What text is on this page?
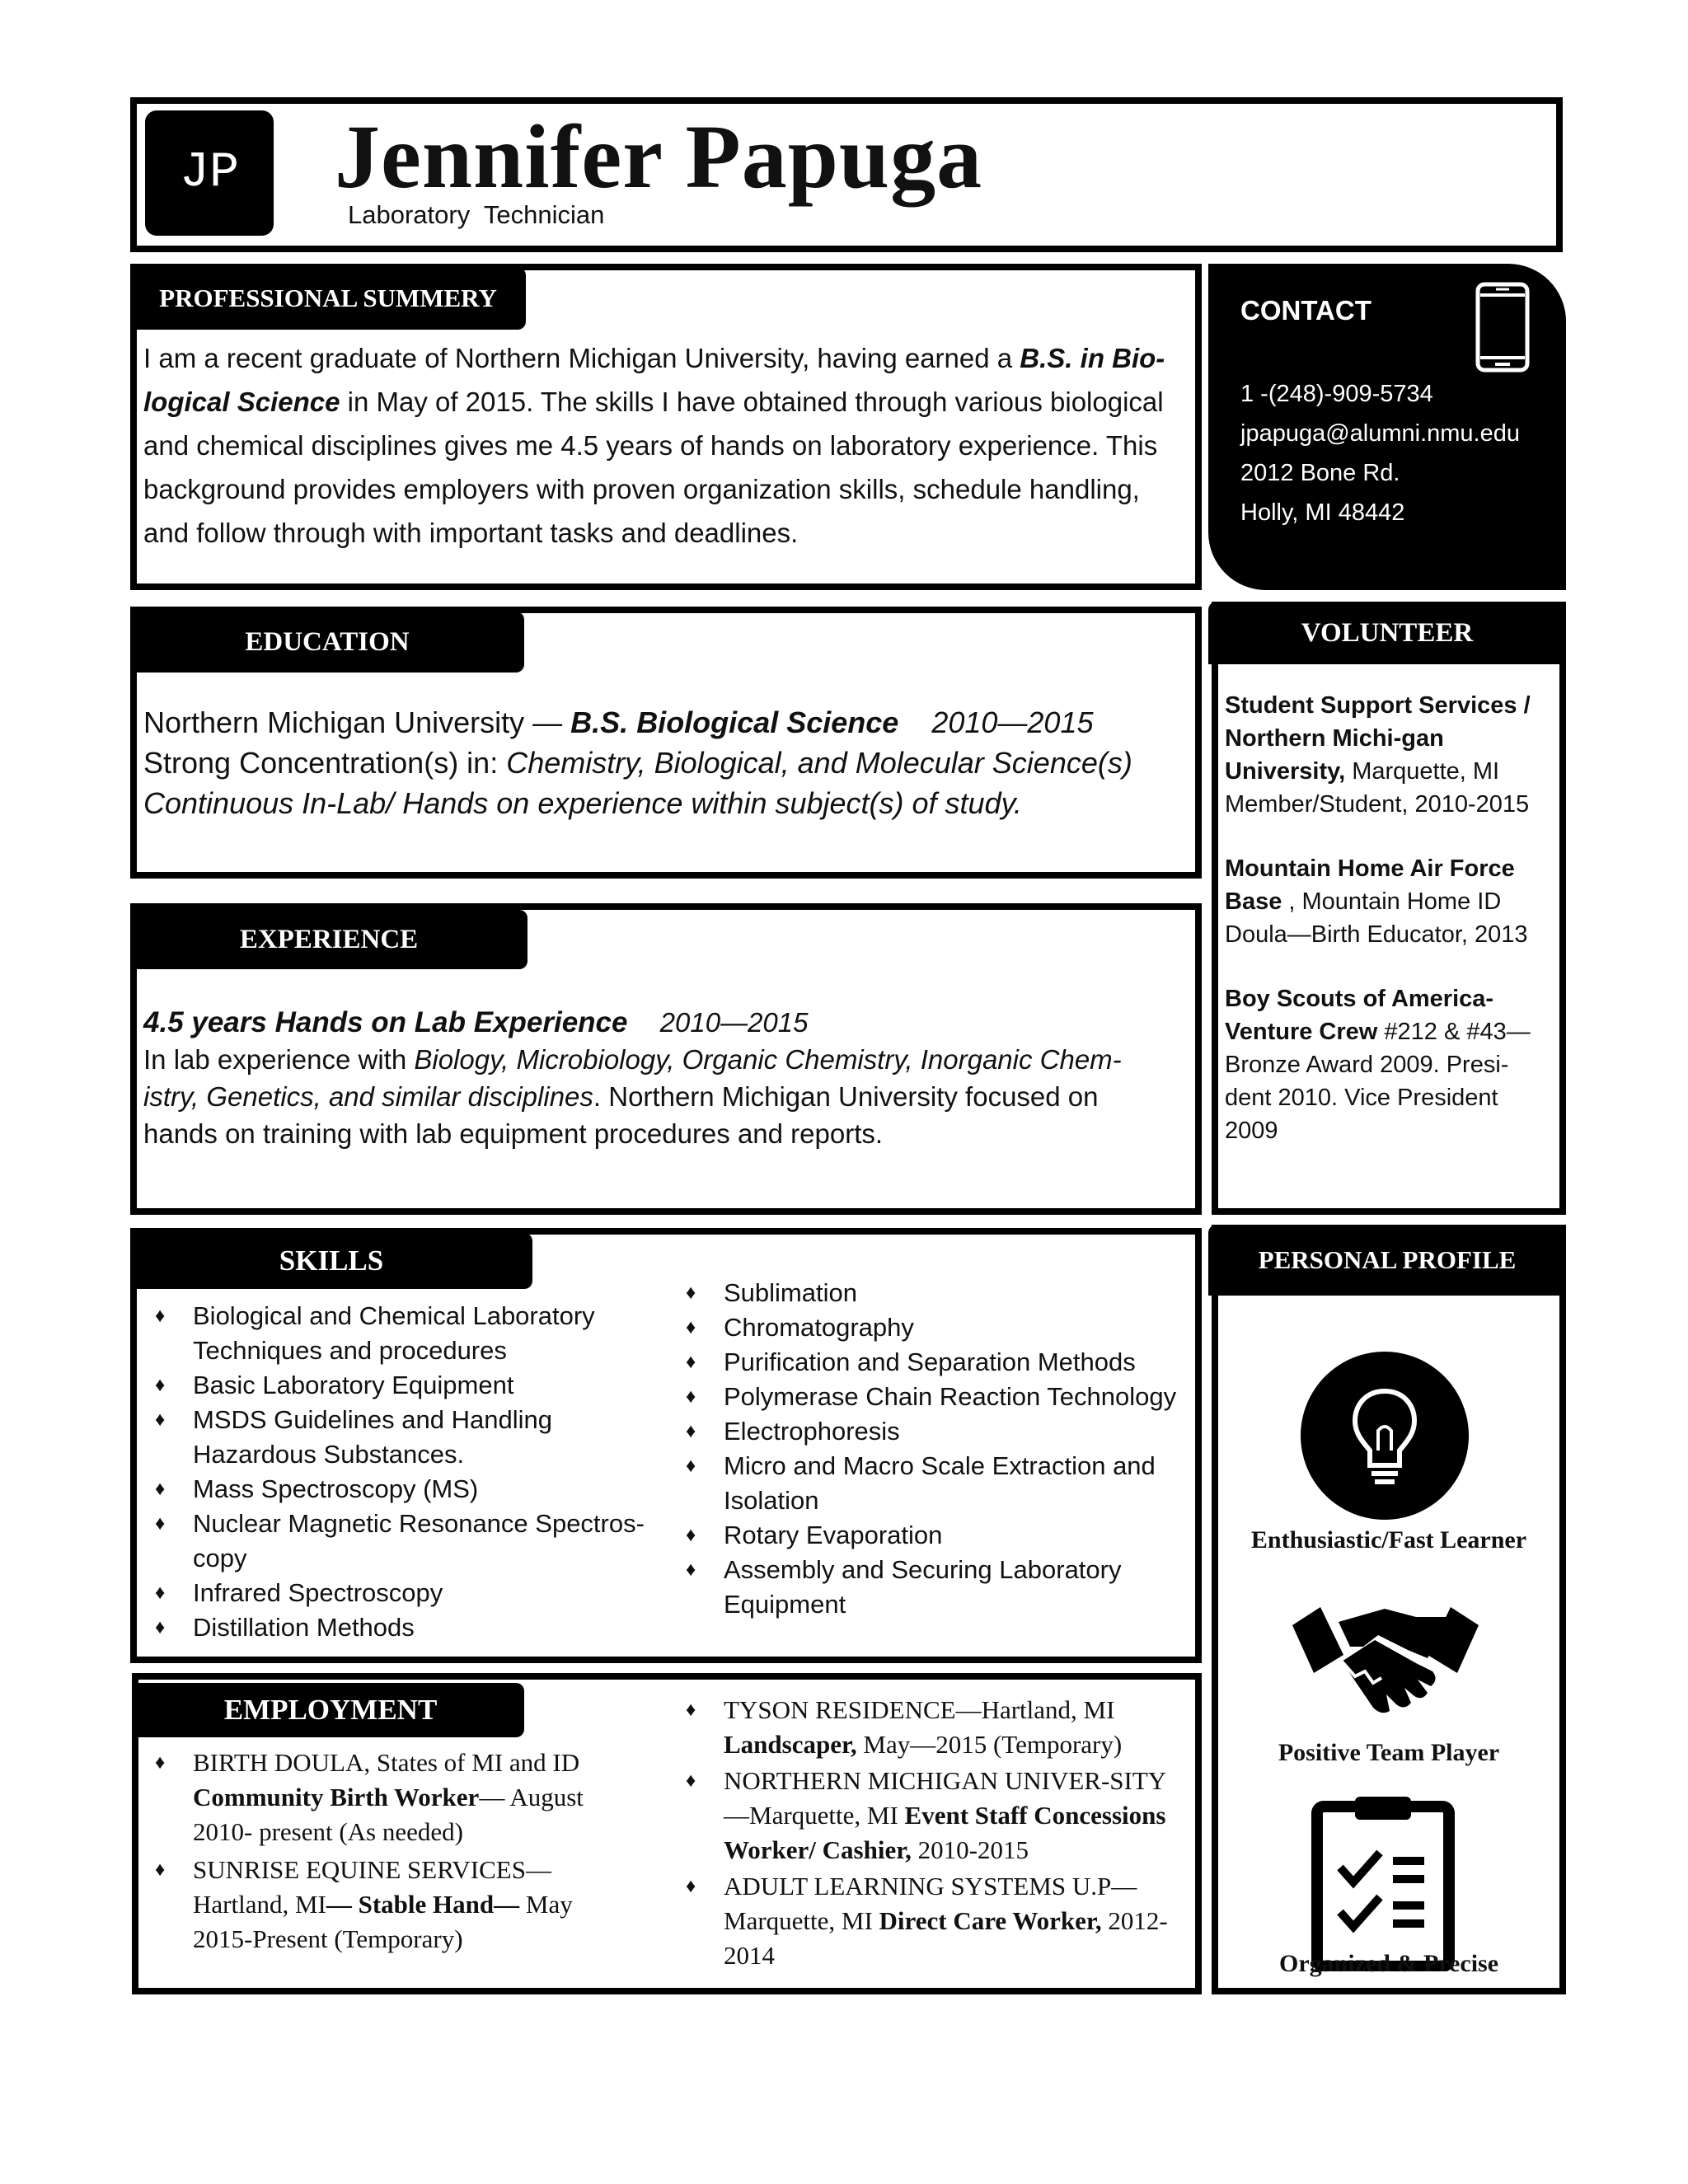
JP Jennifer Papuga
Laboratory  Technician
PROFESSIONAL SUMMERY
I am a recent graduate of Northern Michigan University, having earned a B.S. in Bio- logical Science in May of 2015. The skills I have obtained through various biological and chemical disciplines gives me 4.5 years of hands on laboratory experience. This background provides employers with proven organization skills, schedule handling, and follow through with important tasks and deadlines.
CONTACT
1 -(248)-909-5734
jpapuga@alumni.nmu.edu
2012 Bone Rd.
Holly, MI 48442
EDUCATION
Northern Michigan University — B.S. Biological Science 2010—2015
Strong Concentration(s) in: Chemistry, Biological, and Molecular Science(s)
Continuous In-Lab/ Hands on experience within subject(s) of study.
EXPERIENCE
4.5 years Hands on Lab Experience 2010—2015
In lab experience with Biology, Microbiology, Organic Chemistry, Inorganic Chem-istry, Genetics, and similar disciplines. Northern Michigan University focused on hands on training with lab equipment procedures and reports.
VOLUNTEER

Student Support Services / Northern Michi-gan University, Marquette, MI Member/Student, 2010-2015

Mountain Home Air Force Base , Mountain Home ID Doula—Birth Educator, 2013

Boy Scouts of America-Venture Crew #212 & #43—Bronze Award 2009. Presi-dent 2010. Vice President 2009

SKILLS
♦ Biological and Chemical Laboratory Techniques and procedures
♦ Basic Laboratory Equipment
♦ MSDS Guidelines and Handling Hazardous Substances.
♦ Mass Spectroscopy (MS)
♦ Nuclear Magnetic Resonance Spectros-copy
♦ Infrared Spectroscopy
♦ Distillation Methods
♦ Sublimation
♦ Chromatography
♦ Purification and Separation Methods
♦ Polymerase Chain Reaction Technology
♦ Electrophoresis
♦ Micro and Macro Scale Extraction and Isolation
♦ Rotary Evaporation
♦ Assembly and Securing Laboratory Equipment
EMPLOYMENT
♦ BIRTH DOULA, States of MI and ID Community Birth Worker— August 2010- present (As needed)
♦ SUNRISE EQUINE SERVICES— Hartland, MI— Stable Hand— May 2015-Present (Temporary)
♦ TYSON RESIDENCE—Hartland, MI Landscaper, May—2015 (Temporary)
♦ NORTHERN MICHIGAN UNIVER-SITY—Marquette, MI Event Staff Concessions Worker/ Cashier, 2010-2015
♦ ADULT LEARNING SYSTEMS U.P—Marquette, MI Direct Care Worker, 2012-2014
PERSONAL PROFILE
Enthusiastic/Fast Learner
Positive Team Player
Organized & Precise
